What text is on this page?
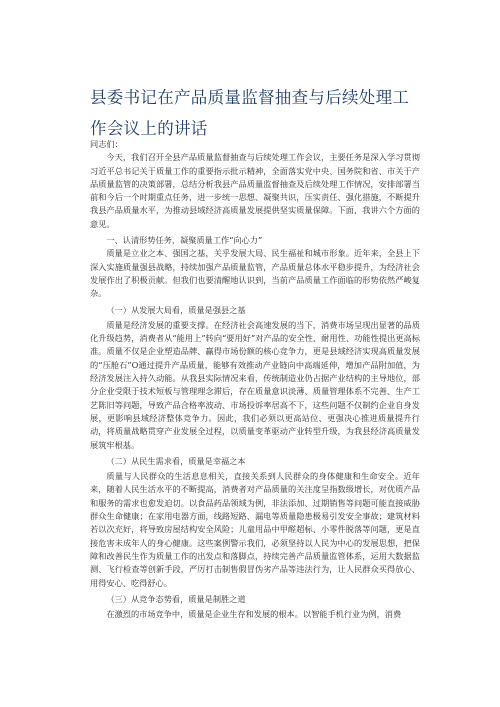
县委书记在产品质量监督抽查与后续处理工作会议上的讲话

同志们：

今天，我们召开全县产品质量监督抽查与后续处理工作会议，主要任务是深入学习贯彻习近平总书记关于质量工作的重要指示批示精神，全面落实党中央、国务院和省、市关于产品质量监管的决策部署，总结分析我县产品质量监督抽查及后续处理工作情况，安排部署当前和今后一个时期重点任务，进一步统一思想、凝聚共识，压实责任、强化措施，不断提升我县产品质量水平，为推动县域经济高质量发展提供坚实质量保障。下面，我讲六个方面的意见。

一、认清形势任务，凝聚质量工作“向心力”

质量是立业之本、强国之基，关乎发展大局、民生福祉和城市形象。近年来，全县上下深入实施质量强县战略，持续加强产品质量监管，产品质量总体水平稳步提升，为经济社会发展作出了积极贡献。但我们也要清醒地认识到，当前产品质量工作面临的形势依然严峻复杂。

（一）从发展大局看，质量是强县之基

质量是经济发展的重要支撑。在经济社会高速发展的当下，消费市场呈现出显著的品质化升级趋势，消费者从“能用上”转向“要用好”对产品的安全性、耐用性、功能性提出更高标准。质量不仅是企业塑造品牌、赢得市场份额的核心竞争力，更是县域经济实现高质量发展的“压舱石”O通过提升产品质量，能够有效推动产业链向中高端延伸，增加产品附加值，为经济发展注入持久动能。从我县实际情况来看，传统制造业仍占据产业结构的主导地位，部分企业受限于技术短板与管理理念滞后，存在质量意识淡薄、质量管理体系不完善、生产工艺陈旧等问题，导致产品合格率波动、市场投诉率居高不下，这些问题不仅制约企业自身发展，更影响县域经济整体竞争力。因此，我们必须以更高站位、更强决心推进质量提升行动，将质量战略贯穿产业发展全过程，以质量变革驱动产业转型升级，为我县经济高质量发展筑牢根基。

（二）从民生需求看，质量是幸福之本

质量与人民群众的生活息息相关，直接关系到人民群众的身体健康和生命安全。近年来，随着人民生活水平的不断提高，消费者对产品质量的关注度呈指数级增长，对优质产品和服务的需求也愈发迫切。以食品药品领域为例，非法添加、过期销售等问题可能直接威胁群众生命健康；在家用电器方面，线路短路、漏电等质量隐患极易引发安全事故；建筑材料若以次充好，将导致房屋结构安全风险；儿童用品中甲醛超标、小零件脱落等问题，更是直接危害未成年人的身心健康。这些案例警示我们，必须坚持以人民为中心的发展思想，把保障和改善民生作为质量工作的出发点和落脚点，持续完善产品质量监管体系，运用大数据监测、飞行检查等创新手段，严厉打击制售假冒伪劣产品等违法行为，让人民群众买得放心、用得安心、吃得舒心。

（三）从竞争态势看，质量是制胜之道

在激烈的市场竞争中，质量是企业生存和发展的根本。以智能手机行业为例，消费
